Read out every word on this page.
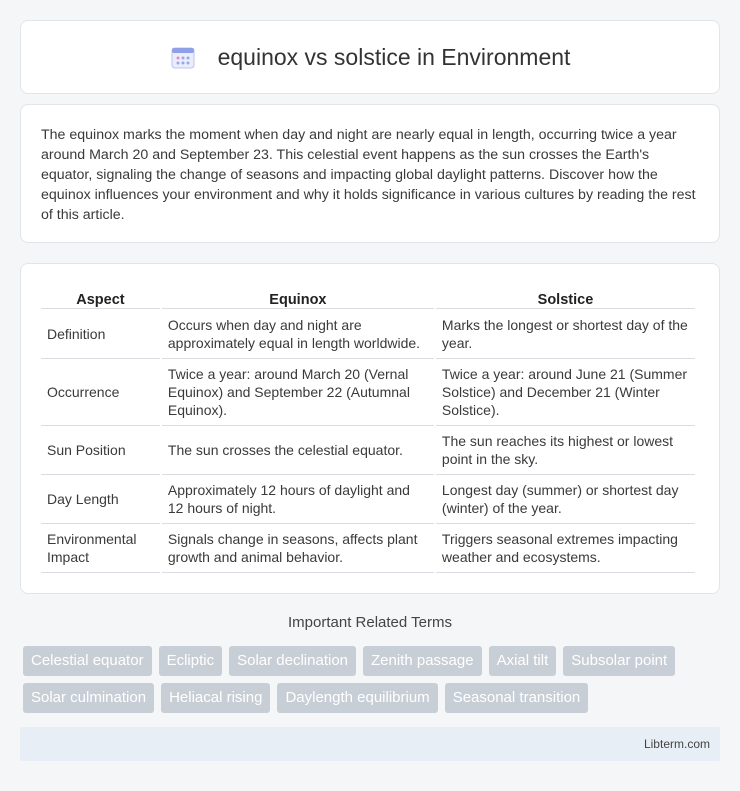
equinox vs solstice in Environment

The equinox marks the moment when day and night are nearly equal in length, occurring twice a year around March 20 and September 23. This celestial event happens as the sun crosses the Earth's equator, signaling the change of seasons and impacting global daylight patterns. Discover how the equinox influences your environment and why it holds significance in various cultures by reading the rest of this article.

Aspect	Equinox	Solstice
Definition	Occurs when day and night are approximately equal in length worldwide.	Marks the longest or shortest day of the year.
Occurrence	Twice a year: around March 20 (Vernal Equinox) and September 22 (Autumnal Equinox).	Twice a year: around June 21 (Summer Solstice) and December 21 (Winter Solstice).
Sun Position	The sun crosses the celestial equator.	The sun reaches its highest or lowest point in the sky.
Day Length	Approximately 12 hours of daylight and 12 hours of night.	Longest day (summer) or shortest day (winter) of the year.
Environmental Impact	Signals change in seasons, affects plant growth and animal behavior.	Triggers seasonal extremes impacting weather and ecosystems.
Important Related Terms
Celestial equator	Ecliptic	Solar declination	Zenith passage	Axial tilt	Subsolar point
Solar culmination	Heliacal rising	Daylength equilibrium	Seasonal transition
Libterm.com
